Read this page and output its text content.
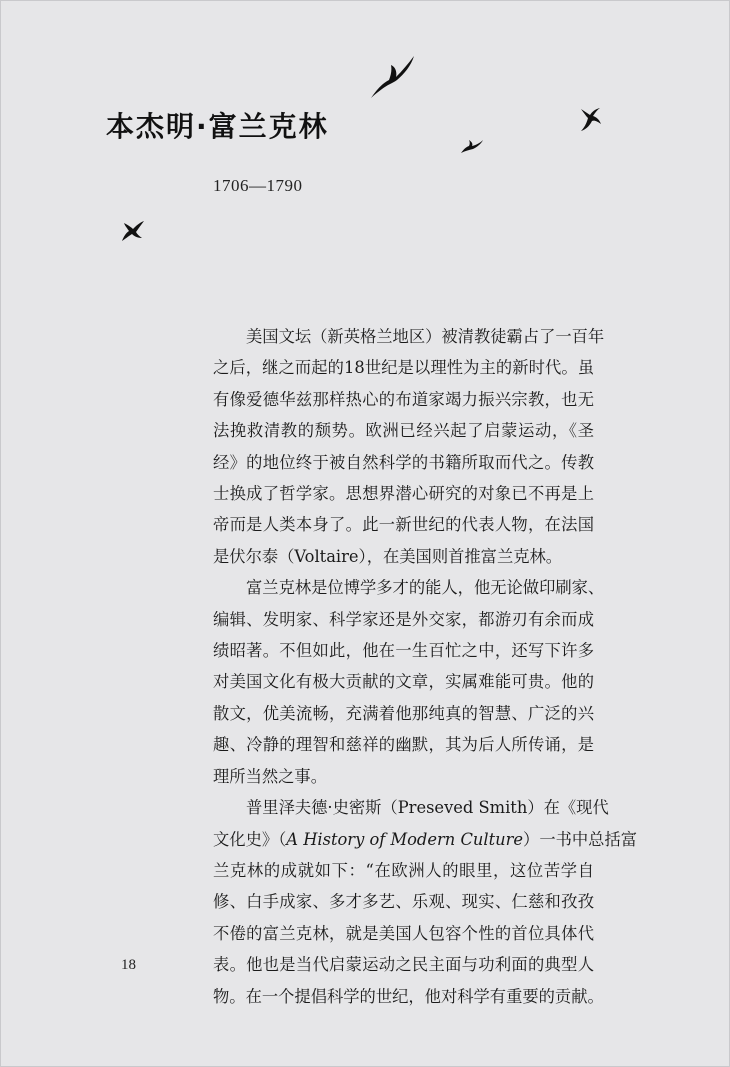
本杰明·富兰克林
1706—1790

美国文坛（新英格兰地区）被清教徒霸占了一百年
之后，继之而起的18世纪是以理性为主的新时代。虽
有像爱德华兹那样热心的布道家竭力振兴宗教，也无
法挽救清教的颓势。欧洲已经兴起了启蒙运动，《圣
经》的地位终于被自然科学的书籍所取而代之。传教
士换成了哲学家。思想界潜心研究的对象已不再是上
帝而是人类本身了。此一新世纪的代表人物，在法国
是伏尔泰（Voltaire），在美国则首推富兰克林。

富兰克林是位博学多才的能人，他无论做印刷家、
编辑、发明家、科学家还是外交家，都游刃有余而成
绩昭著。不但如此，他在一生百忙之中，还写下许多
对美国文化有极大贡献的文章，实属难能可贵。他的
散文，优美流畅，充满着他那纯真的智慧、广泛的兴
趣、冷静的理智和慈祥的幽默，其为后人所传诵，是
理所当然之事。

普里泽夫德·史密斯（Preseved Smith）在《现代
文化史》（A History of Modern Culture）一书中总括富
兰克林的成就如下：“在欧洲人的眼里，这位苦学自
修、白手成家、多才多艺、乐观、现实、仁慈和孜孜
不倦的富兰克林，就是美国人包容个性的首位具体代
表。他也是当代启蒙运动之民主面与功利面的典型人
物。在一个提倡科学的世纪，他对科学有重要的贡献。

18
